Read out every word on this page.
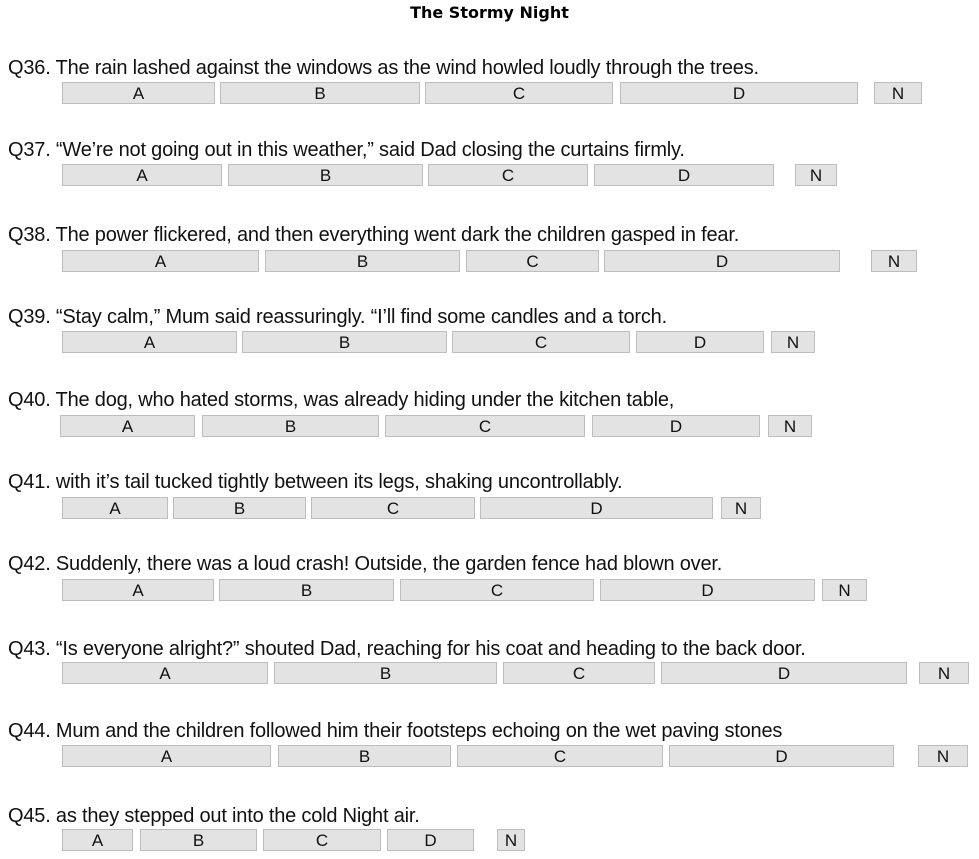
The Stormy Night
Q36. The rain lashed against the windows as the wind howled loudly through the trees.
A	B	C	D	N
Q37. “We’re not going out in this weather,” said Dad closing the curtains firmly.
A	B	C	D	N
Q38. The power flickered, and then everything went dark the children gasped in fear.
A	B	C	D	N
Q39. “Stay calm,” Mum said reassuringly. “I’ll find some candles and a torch.
A	B	C	D	N
Q40. The dog, who hated storms, was already hiding under the kitchen table,
A	B	C	D	N
Q41. with it’s tail tucked tightly between its legs, shaking uncontrollably.
A	B	C	D	N
Q42. Suddenly, there was a loud crash! Outside, the garden fence had blown over.
A	B	C	D	N
Q43. “Is everyone alright?” shouted Dad, reaching for his coat and heading to the back door.
A	B	C	D	N
Q44. Mum and the children followed him their footsteps echoing on the wet paving stones
A	B	C	D	N
Q45. as they stepped out into the cold Night air.
A	B	C	D	N
